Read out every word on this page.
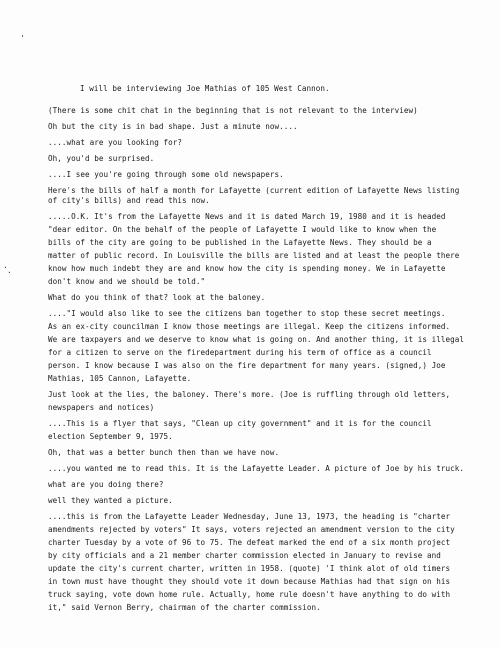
'
·
·
I will be interviewing Joe Mathias of 105 West Cannon.
(There is some chit chat in the beginning that is not relevant to the interview)
Oh but the city is in bad shape. Just a minute now....
....what are you looking for?
Oh, you'd be surprised.
....I see you're going through some old newspapers.
Here's the bills of half a month for Lafayette (current edition of Lafayette News listing
of city's bills) and read this now.
.....O.K. It's from the Lafayette News and it is dated March 19, 1980 and it is headed
"dear editor. On the behalf of the people of Lafayette I would like to know when the
bills of the city are going to be published in the Lafayette News. They should be a
matter of public record. In Louisville the bills are listed and at least the people there
know how much indebt they are and know how the city is spending money. We in Lafayette
don't know and we should be told."
What do you think of that? look at the baloney.
...."I would also like to see the citizens ban together to stop these secret meetings.
As an ex-city councilman I know those meetings are illegal. Keep the citizens informed.
We are taxpayers and we deserve to know what is going on. And another thing, it is illegal
for a citizen to serve on the firedepartment during his term of office as a council
person. I know because I was also on the fire department for many years. (signed,) Joe
Mathias, 105 Cannon, Lafayette.
Just look at the lies, the baloney. There's more. (Joe is ruffling through old letters,
newspapers and notices)
....This is a flyer that says, "Clean up city government" and it is for the council
election September 9, 1975.
Oh, that was a better bunch then than we have now.
....you wanted me to read this. It is the Lafayette Leader. A picture of Joe by his truck.
what are you doing there?
well they wanted a picture.
....this is from the Lafayette Leader Wednesday, June 13, 1973, the heading is "charter
amendments rejected by voters" It says, voters rejected an amendment version to the city
charter Tuesday by a vote of 96 to 75. The defeat marked the end of a six month project
by city officials and a 21 member charter commission elected in January to revise and
update the city's current charter, written in 1958. (quote) 'I think alot of old timers
in town must have thought they should vote it down because Mathias had that sign on his
truck saying, vote down home rule. Actually, home rule doesn't have anything to do with
it," said Vernon Berry, chairman of the charter commission.
